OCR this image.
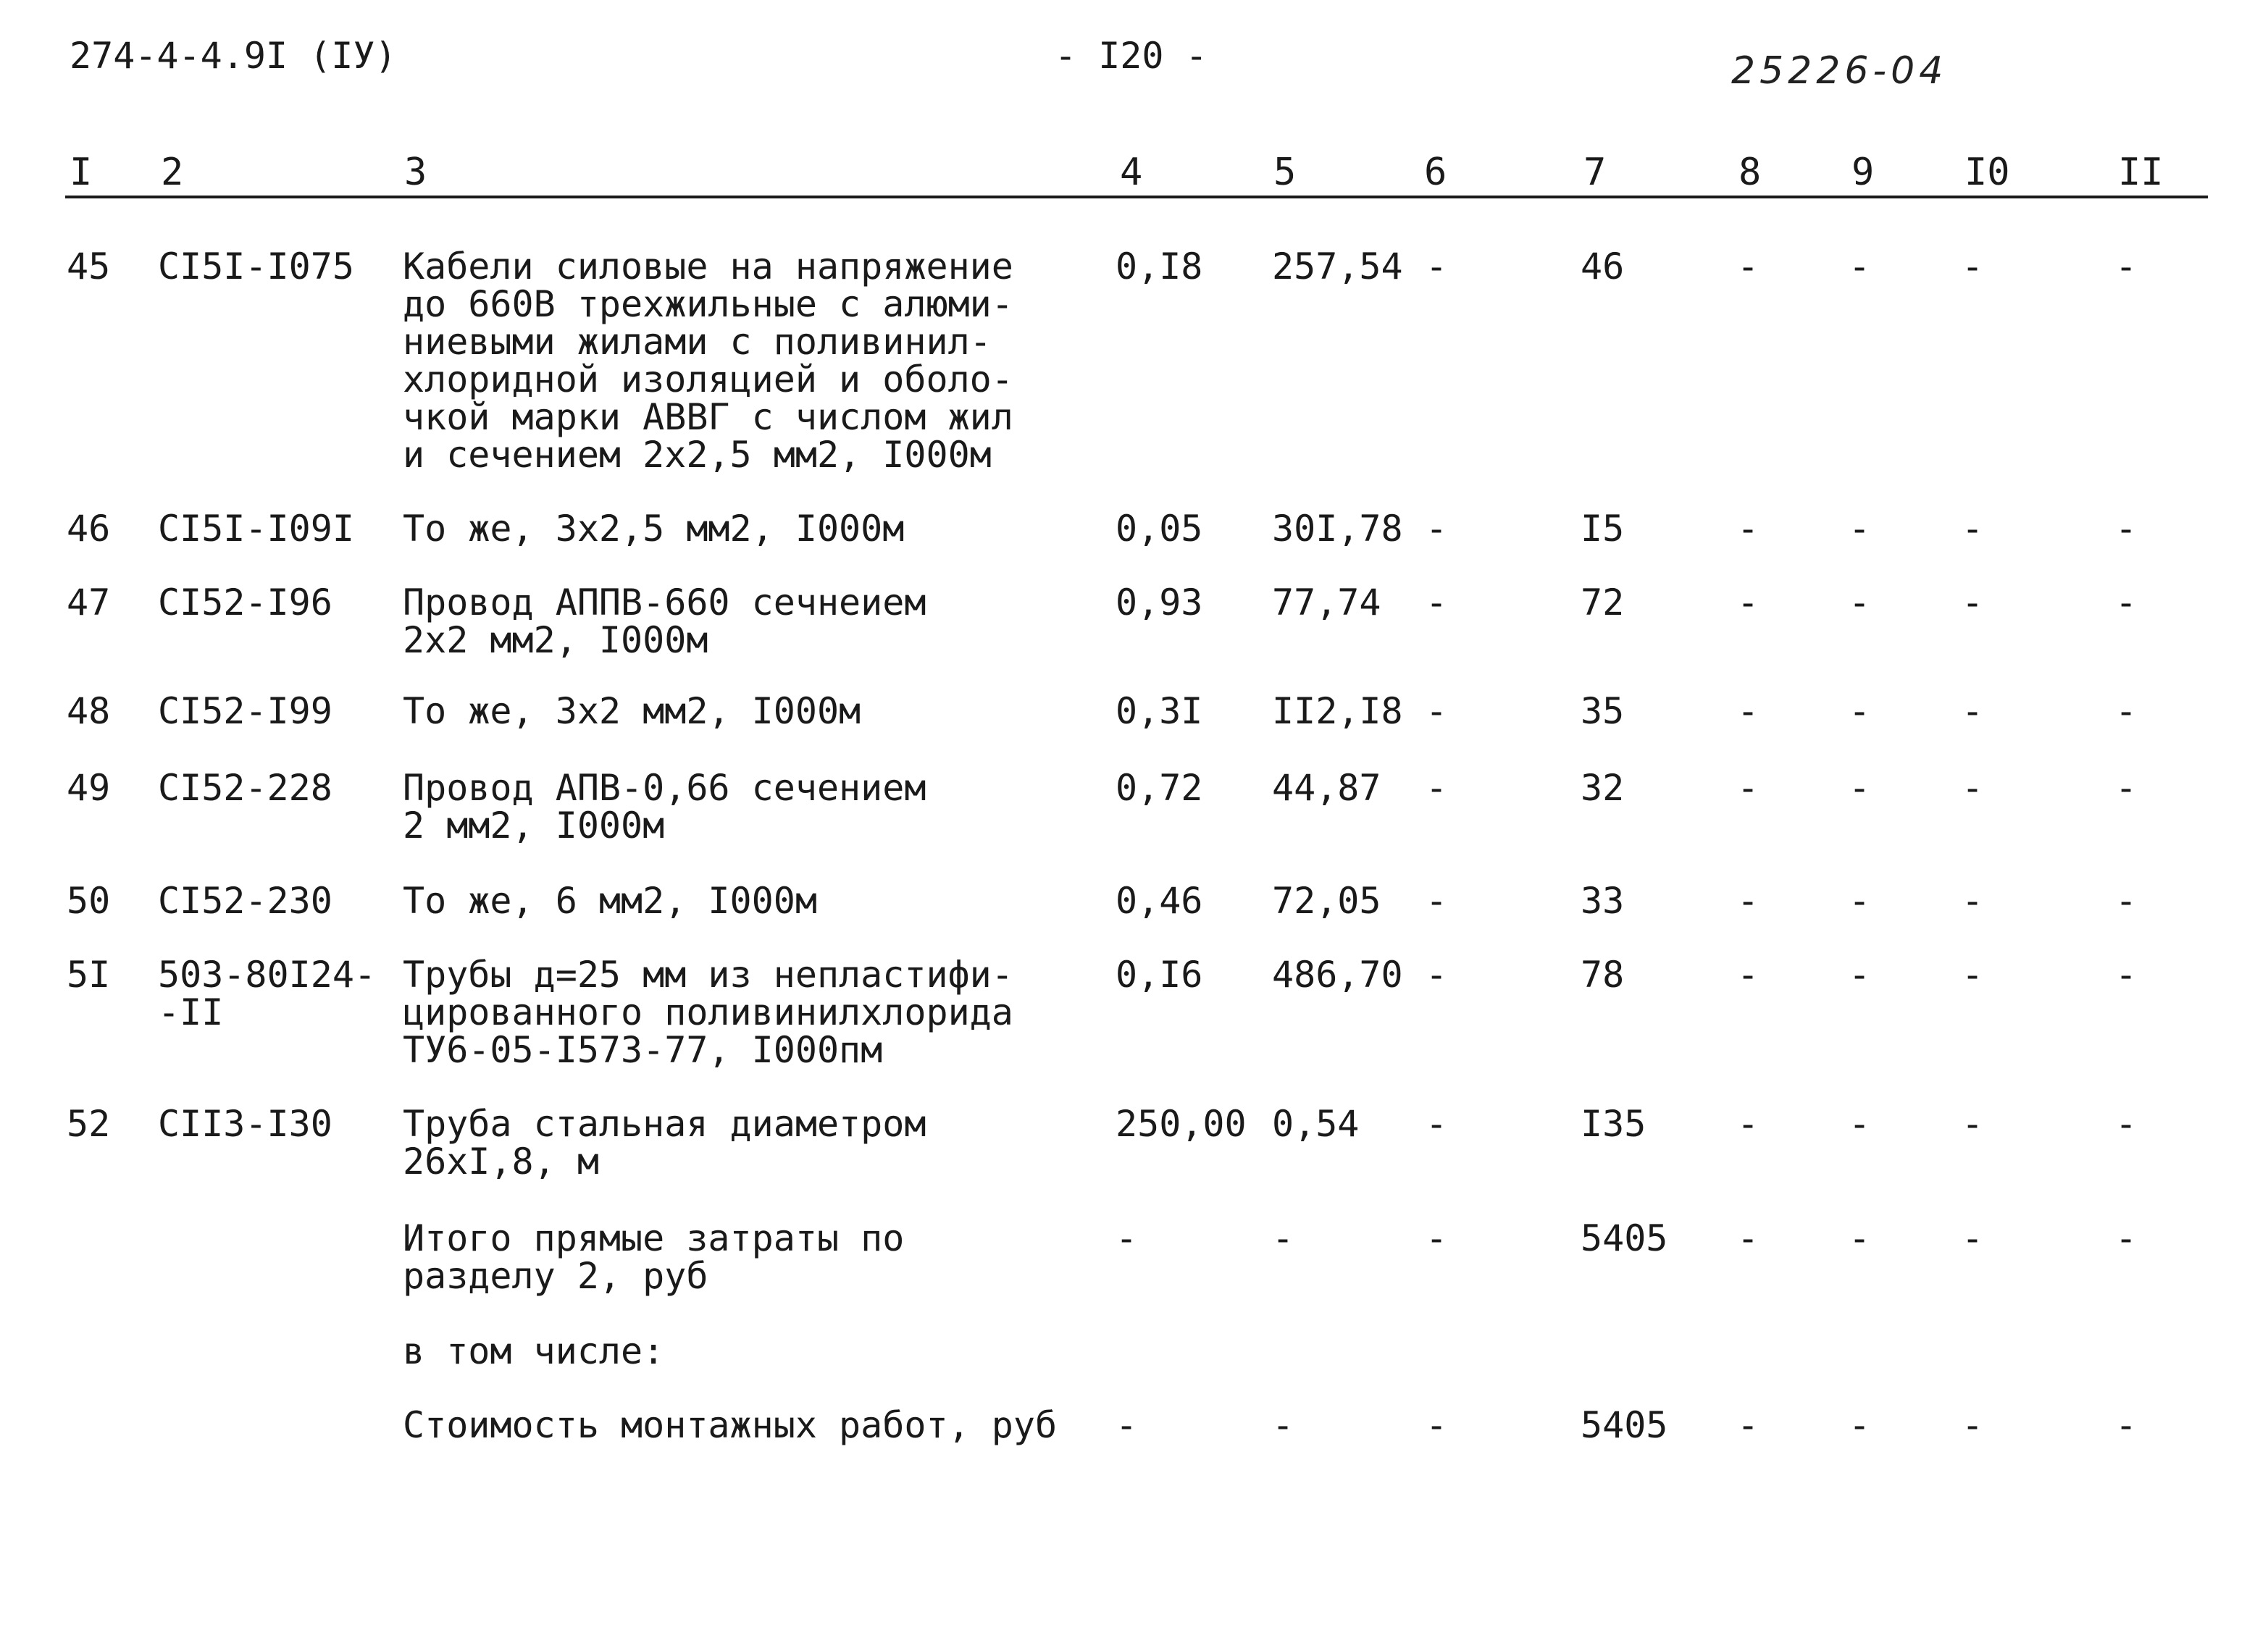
274-4-4.9I (IУ)	- I20 -	25226-04
I 2	3	4	5	6	7	8 9 I0	II
45 CI5I-I075 Кабели силовые на напряжение
до 660В трехжильные с алюми-
ниевыми жилами с поливинил-
хлоридной изоляцией и оболо-
чкой марки АВВГ с числом жил
и сечением 2х2,5 мм2, I000м
0,I8 257,54 -	46	- -	-	-
46 CI5I-I09I То же, 3х2,5 мм2, I000м	0,05 30I,78 -	I5	- -	-	-
47 CI52-I96 Провод АППВ-660 сечнеием
2х2 мм2, I000м
0,93 77,74 -	72	- -	-	-
48 CI52-I99 То же, 3х2 мм2, I000м	0,3I II2,I8 -	35	- -	-	-
49 CI52-228 Провод АПВ-0,66 сечением
2 мм2, I000м
0,72 44,87 -	32	- -	-	-
50 CI52-230 То же, 6 мм2, I000м	0,46 72,05 -	33	- -	-	-
5I 503-80I24-
-II
Трубы д=25 мм из непластифи-
цированного поливинилхлорида
ТУ6-05-I573-77, I000пм
0,I6 486,70 -	78	- -	-	-
52 CII3-I30 Труба стальная диаметром
26хI,8, м
250,00 0,54 -	I35	- -	-	-
Итого прямые затраты по
разделу 2, руб
-	-	-	5405 - -	-	-
в том числе:
Стоимость монтажных работ, руб -	-	-	5405 - -	-	-
